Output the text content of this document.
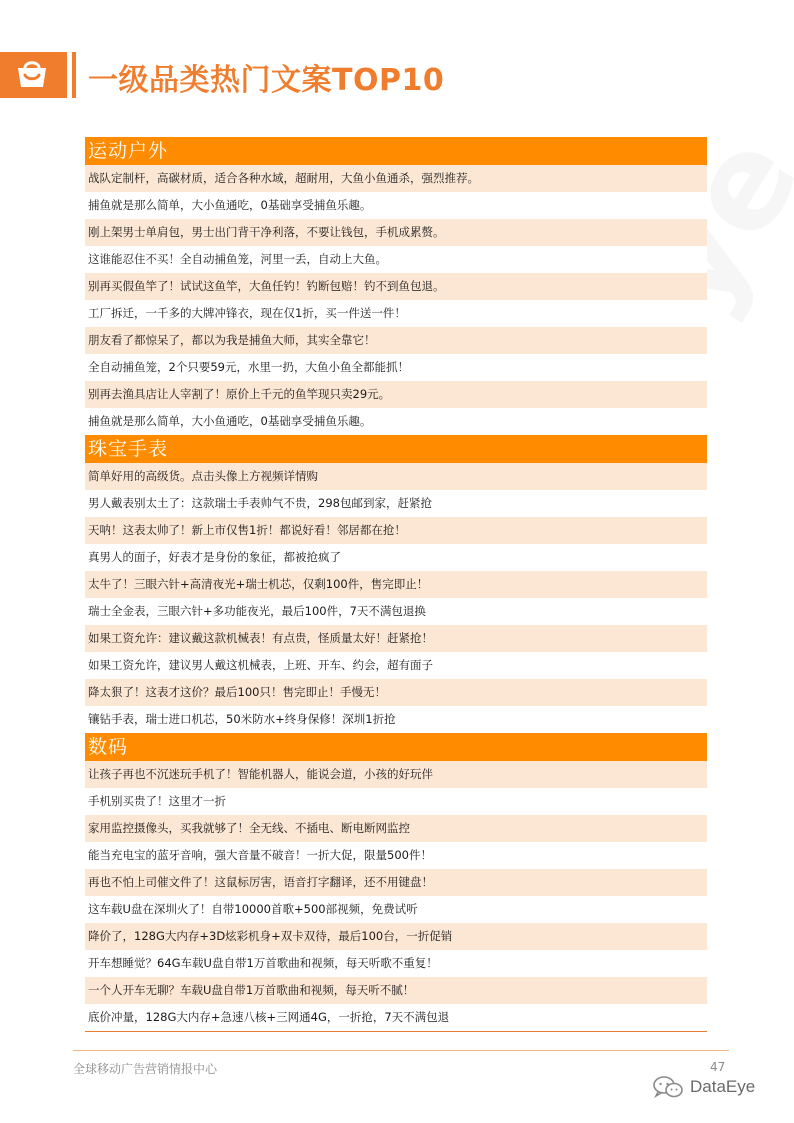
一级品类热门文案TOP10
运动户外
战队定制杆，高碳材质，适合各种水域，超耐用，大鱼小鱼通杀，强烈推荐。
捕鱼就是那么简单，大小鱼通吃，0基础享受捕鱼乐趣。
刚上架男士单肩包，男士出门背干净利落，不要让钱包，手机成累赘。
这谁能忍住不买！全自动捕鱼笼，河里一丢，自动上大鱼。
别再买假鱼竿了！试试这鱼竿，大鱼任钓！钓断包赔！钓不到鱼包退。
工厂拆迁，一千多的大牌冲锋衣，现在仅1折，买一件送一件！
朋友看了都惊呆了，都以为我是捕鱼大师，其实全靠它！
全自动捕鱼笼，2个只要59元，水里一扔，大鱼小鱼全都能抓！
别再去渔具店让人宰割了！原价上千元的鱼竿现只卖29元。
捕鱼就是那么简单，大小鱼通吃，0基础享受捕鱼乐趣。
珠宝手表
简单好用的高级货。点击头像上方视频详情购
男人戴表别太土了：这款瑞士手表帅气不贵，298包邮到家，赶紧抢
天呐！这表太帅了！新上市仅售1折！都说好看！邻居都在抢！
真男人的面子，好表才是身份的象征，都被抢疯了
太牛了！三眼六针+高清夜光+瑞士机芯，仅剩100件，售完即止！
瑞士全金表，三眼六针+多功能夜光，最后100件，7天不满包退换
如果工资允许：建议戴这款机械表！有点贵，怪质量太好！赶紧抢！
如果工资允许，建议男人戴这机械表，上班、开车、约会，超有面子
降太狠了！这表才这价？最后100只！售完即止！手慢无！
镶钻手表，瑞士进口机芯，50米防水+终身保修！深圳1折抢
数码
让孩子再也不沉迷玩手机了！智能机器人，能说会道，小孩的好玩伴
手机别买贵了！这里才一折
家用监控摄像头，买我就够了！全无线、不插电、断电断网监控
能当充电宝的蓝牙音响，强大音量不破音！一折大促，限量500件！
再也不怕上司催文件了！这鼠标厉害，语音打字翻译，还不用键盘！
这车载U盘在深圳火了！自带10000首歌+500部视频，免费试听
降价了，128G大内存+3D炫彩机身+双卡双待，最后100台，一折促销
开车想睡觉？64G车载U盘自带1万首歌曲和视频，每天听歌不重复！
一个人开车无聊？车载U盘自带1万首歌曲和视频，每天听不腻！
底价冲量，128G大内存+急速八核+三网通4G，一折抢，7天不满包退
全球移动广告营销情报中心	47
DataEye
